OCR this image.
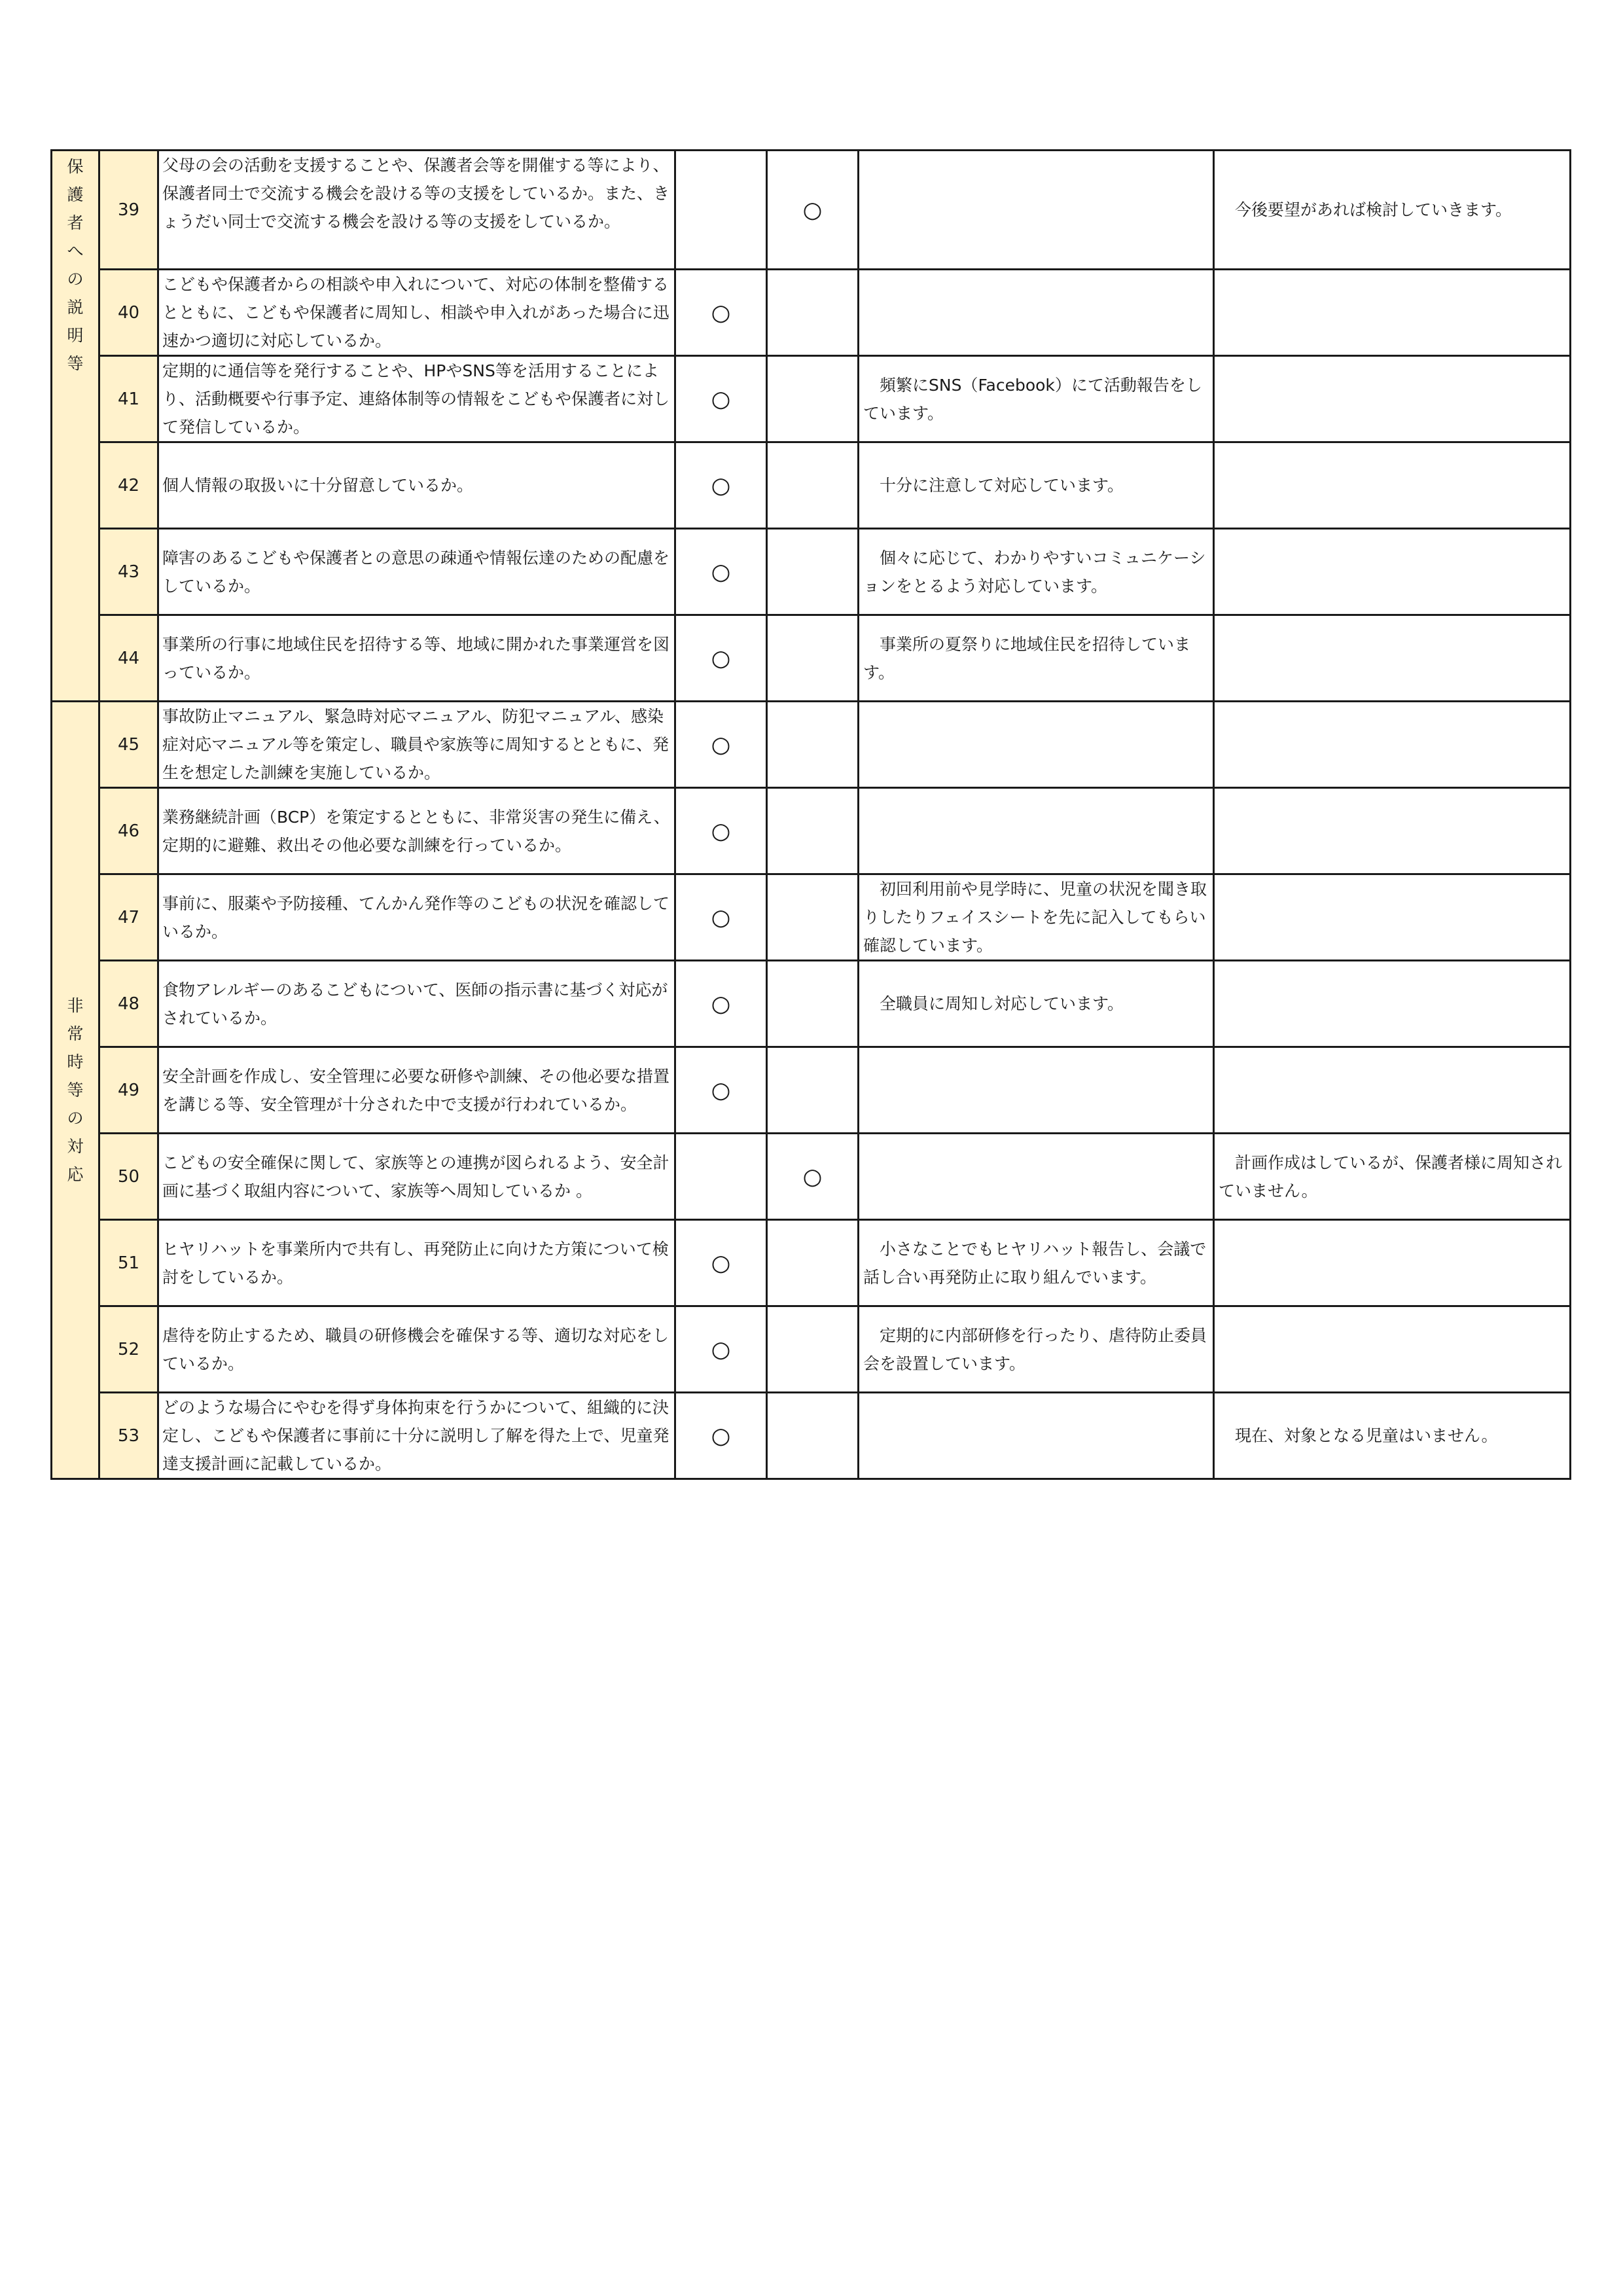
保護者への説明等	39	父母の会の活動を支援することや、保護者会等を開催する等により、保護者同士で交流する機会を設ける等の支援をしているか。また、きょうだい同士で交流する機会を設ける等の支援をしているか。		○		　今後要望があれば検討していきます。
	40	こどもや保護者からの相談や申入れについて、対応の体制を整備するとともに、こどもや保護者に周知し、相談や申入れがあった場合に迅速かつ適切に対応しているか。	○			
	41	定期的に通信等を発行することや、HPやSNS等を活用することにより、活動概要や行事予定、連絡体制等の情報をこどもや保護者に対して発信しているか。	○		　頻繁にSNS（Facebook）にて活動報告をしています。	
	42	個人情報の取扱いに十分留意しているか。	○		　十分に注意して対応しています。	
	43	障害のあるこどもや保護者との意思の疎通や情報伝達のための配慮をしているか。	○		　個々に応じて、わかりやすいコミュニケーションをとるよう対応しています。	
	44	事業所の行事に地域住民を招待する等、地域に開かれた事業運営を図っているか。	○		　事業所の夏祭りに地域住民を招待しています。	
非常時等の対応	45	事故防止マニュアル、緊急時対応マニュアル、防犯マニュアル、感染症対応マニュアル等を策定し、職員や家族等に周知するとともに、発生を想定した訓練を実施しているか。	○			
	46	業務継続計画（BCP）を策定するとともに、非常災害の発生に備え、定期的に避難、救出その他必要な訓練を行っているか。	○			
	47	事前に、服薬や予防接種、てんかん発作等のこどもの状況を確認しているか。	○		　初回利用前や見学時に、児童の状況を聞き取りしたりフェイスシートを先に記入してもらい確認しています。	
	48	食物アレルギーのあるこどもについて、医師の指示書に基づく対応がされているか。	○		　全職員に周知し対応しています。	
	49	安全計画を作成し、安全管理に必要な研修や訓練、その他必要な措置を講じる等、安全管理が十分された中で支援が行われているか。	○			
	50	こどもの安全確保に関して、家族等との連携が図られるよう、安全計画に基づく取組内容について、家族等へ周知しているか 。		○		　計画作成はしているが、保護者様に周知されていません。
	51	ヒヤリハットを事業所内で共有し、再発防止に向けた方策について検討をしているか。	○		　小さなことでもヒヤリハット報告し、会議で話し合い再発防止に取り組んでいます。	
	52	虐待を防止するため、職員の研修機会を確保する等、適切な対応をしているか。	○		　定期的に内部研修を行ったり、虐待防止委員会を設置しています。	
	53	どのような場合にやむを得ず身体拘束を行うかについて、組織的に決定し、こどもや保護者に事前に十分に説明し了解を得た上で、児童発達支援計画に記載しているか。	○			　現在、対象となる児童はいません。
